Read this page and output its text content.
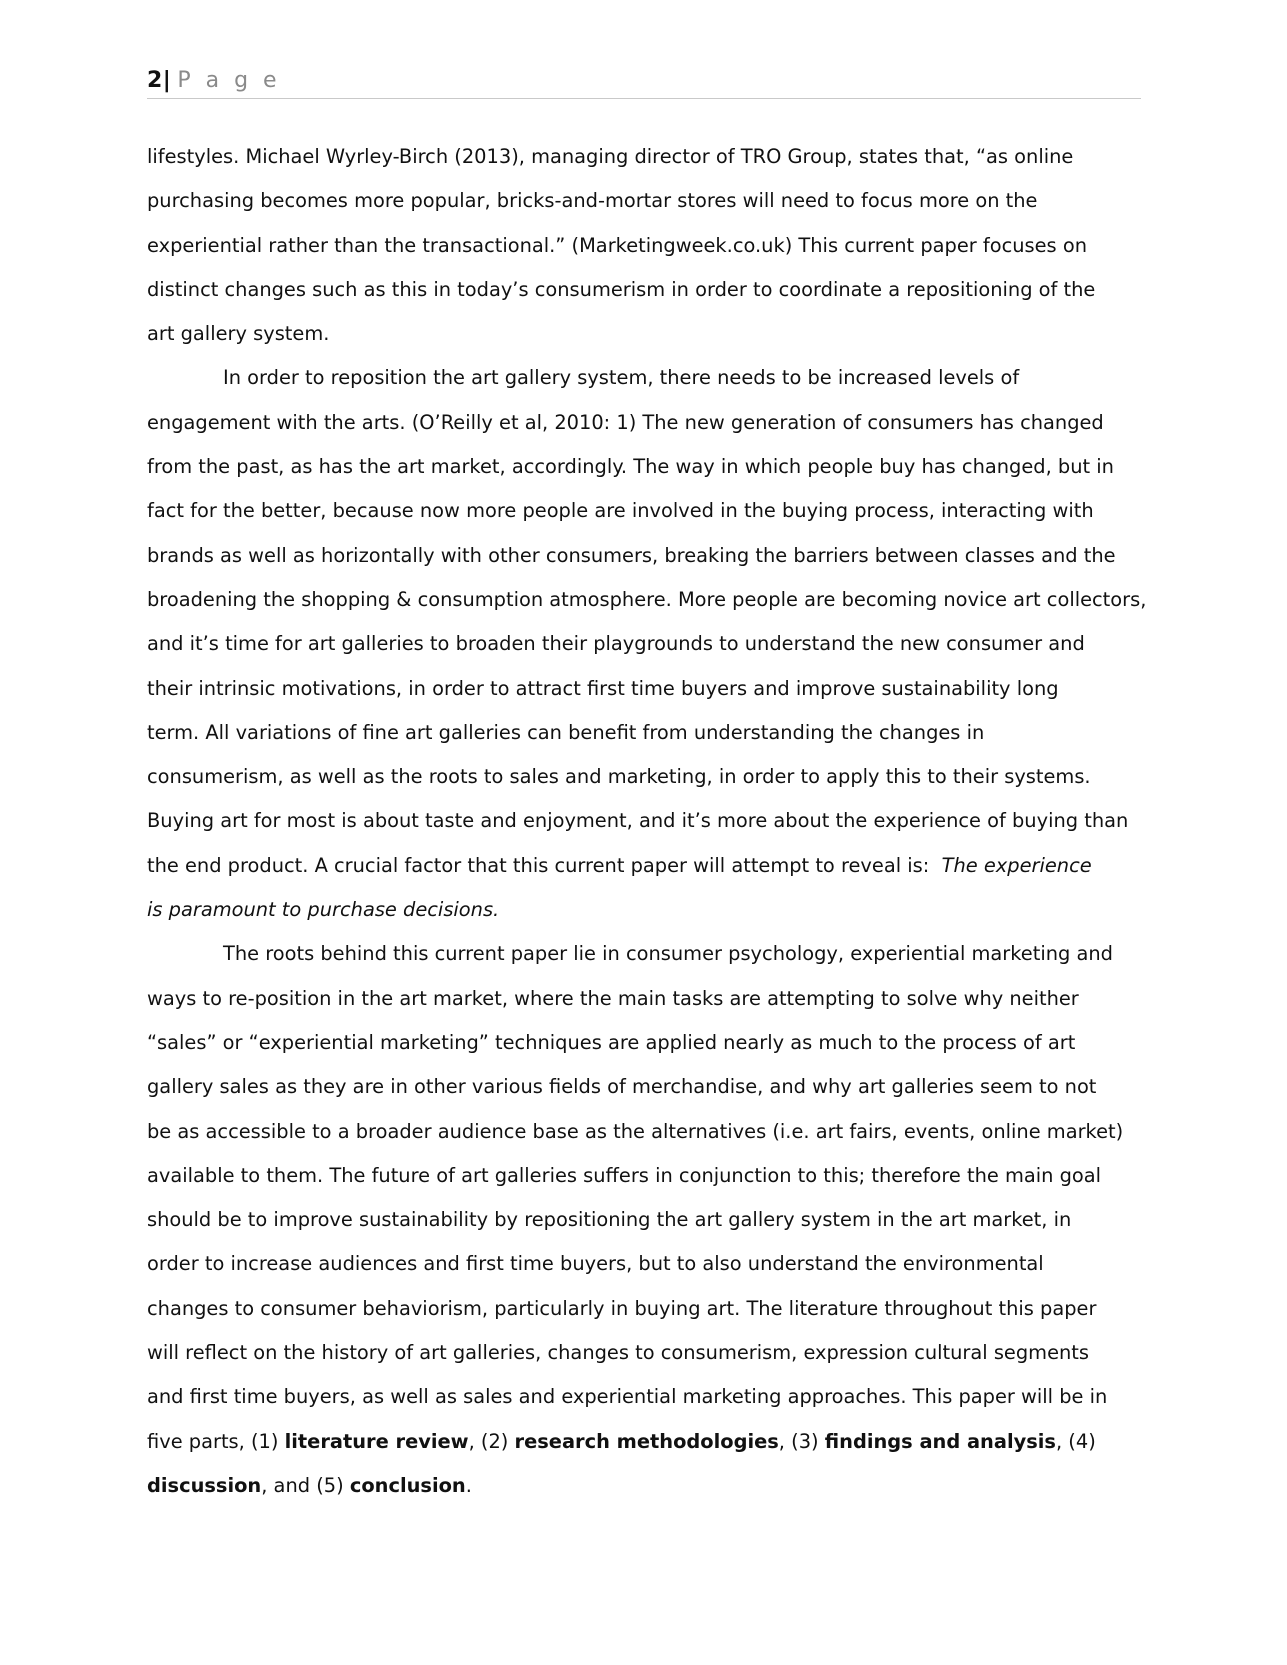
2| P a g e
lifestyles. Michael Wyrley-Birch (2013), managing director of TRO Group, states that, “as online
purchasing becomes more popular, bricks-and-mortar stores will need to focus more on the
experiential rather than the transactional.” (Marketingweek.co.uk) This current paper focuses on
distinct changes such as this in today’s consumerism in order to coordinate a repositioning of the
art gallery system.
In order to reposition the art gallery system, there needs to be increased levels of
engagement with the arts. (O’Reilly et al, 2010: 1) The new generation of consumers has changed
from the past, as has the art market, accordingly. The way in which people buy has changed, but in
fact for the better, because now more people are involved in the buying process, interacting with
brands as well as horizontally with other consumers, breaking the barriers between classes and the
broadening the shopping & consumption atmosphere. More people are becoming novice art collectors,
and it’s time for art galleries to broaden their playgrounds to understand the new consumer and
their intrinsic motivations, in order to attract first time buyers and improve sustainability long
term. All variations of fine art galleries can benefit from understanding the changes in
consumerism, as well as the roots to sales and marketing, in order to apply this to their systems.
Buying art for most is about taste and enjoyment, and it’s more about the experience of buying than
the end product. A crucial factor that this current paper will attempt to reveal is: The experience
is paramount to purchase decisions.
The roots behind this current paper lie in consumer psychology, experiential marketing and
ways to re-position in the art market, where the main tasks are attempting to solve why neither
“sales” or “experiential marketing” techniques are applied nearly as much to the process of art
gallery sales as they are in other various fields of merchandise, and why art galleries seem to not
be as accessible to a broader audience base as the alternatives (i.e. art fairs, events, online market)
available to them. The future of art galleries suffers in conjunction to this; therefore the main goal
should be to improve sustainability by repositioning the art gallery system in the art market, in
order to increase audiences and first time buyers, but to also understand the environmental
changes to consumer behaviorism, particularly in buying art. The literature throughout this paper
will reflect on the history of art galleries, changes to consumerism, expression cultural segments
and first time buyers, as well as sales and experiential marketing approaches. This paper will be in
five parts, (1) literature review, (2) research methodologies, (3) findings and analysis, (4)
discussion, and (5) conclusion.
